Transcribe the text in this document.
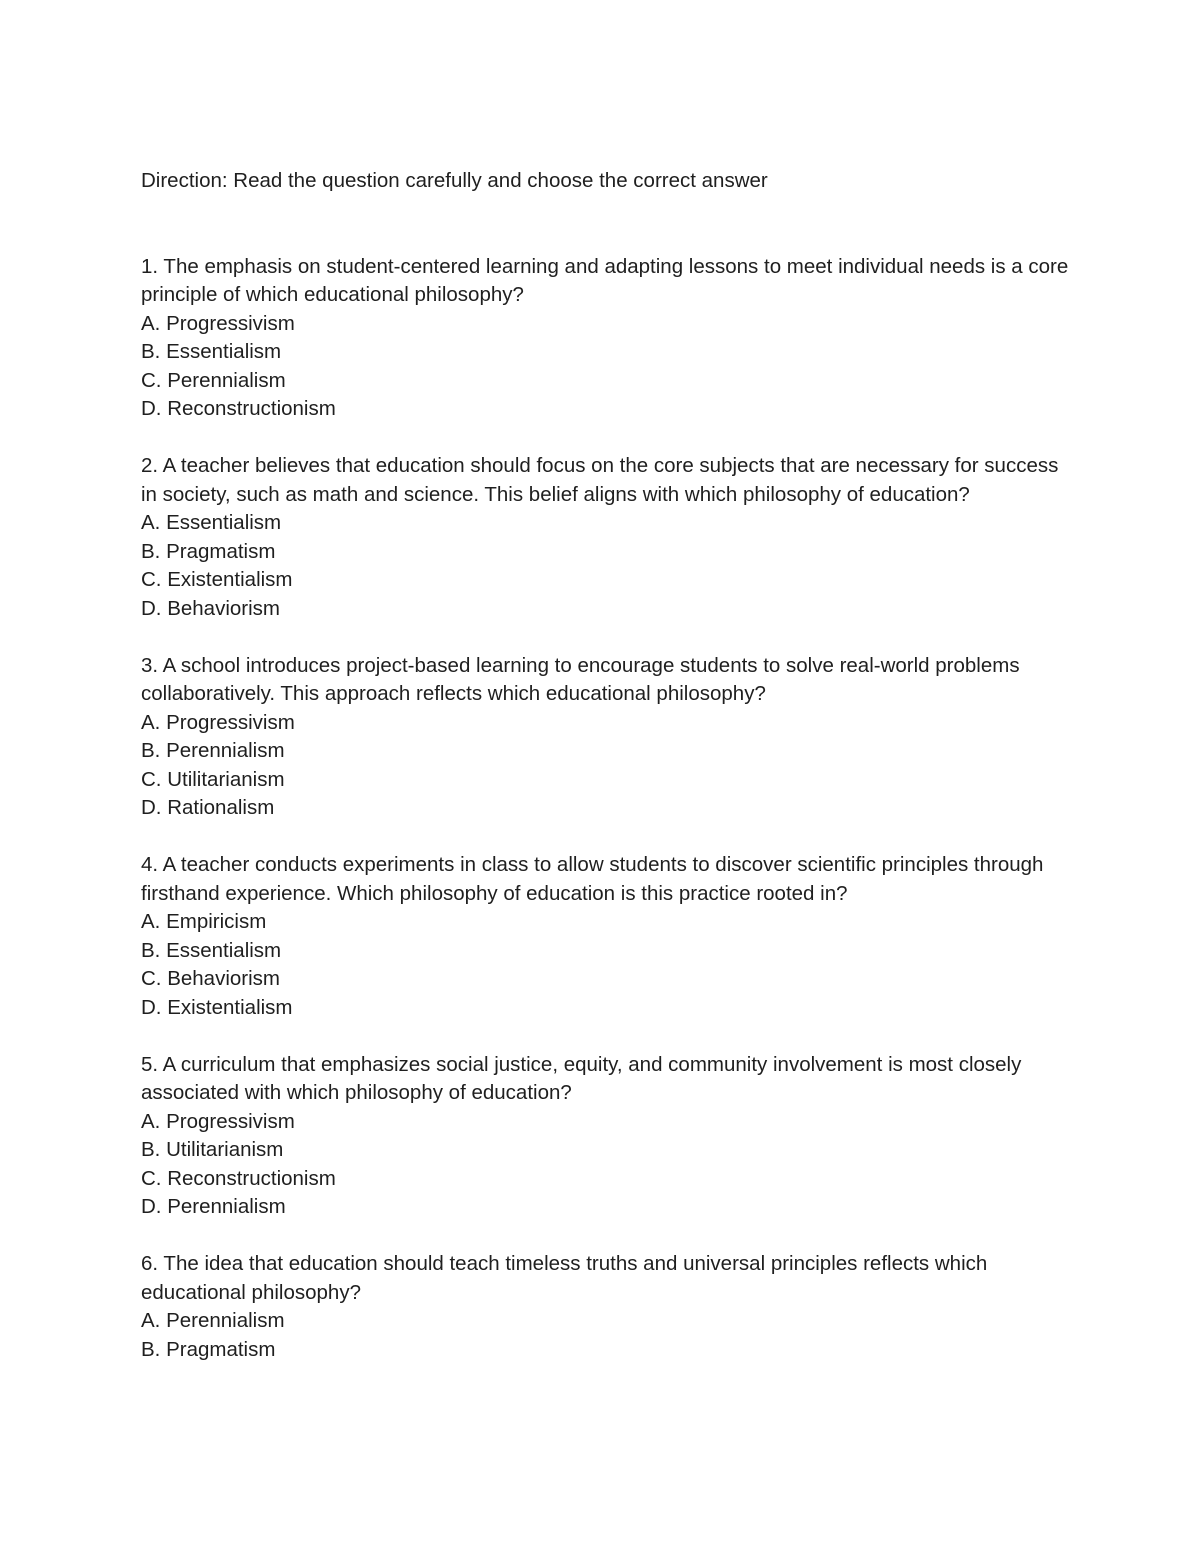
Direction: Read the question carefully and choose the correct answer

1. The emphasis on student-centered learning and adapting lessons to meet individual needs is a core principle of which educational philosophy?

A. Progressivism
B. Essentialism
C. Perennialism
D. Reconstructionism

2. A teacher believes that education should focus on the core subjects that are necessary for success in society, such as math and science. This belief aligns with which philosophy of education?

A. Essentialism
B. Pragmatism
C. Existentialism
D. Behaviorism

3. A school introduces project-based learning to encourage students to solve real-world problems collaboratively. This approach reflects which educational philosophy?

A. Progressivism
B. Perennialism
C. Utilitarianism
D. Rationalism

4. A teacher conducts experiments in class to allow students to discover scientific principles through firsthand experience. Which philosophy of education is this practice rooted in?

A. Empiricism
B. Essentialism
C. Behaviorism
D. Existentialism

5. A curriculum that emphasizes social justice, equity, and community involvement is most closely associated with which philosophy of education?

A. Progressivism
B. Utilitarianism
C. Reconstructionism
D. Perennialism

6. The idea that education should teach timeless truths and universal principles reflects which educational philosophy?

A. Perennialism
B. Pragmatism
